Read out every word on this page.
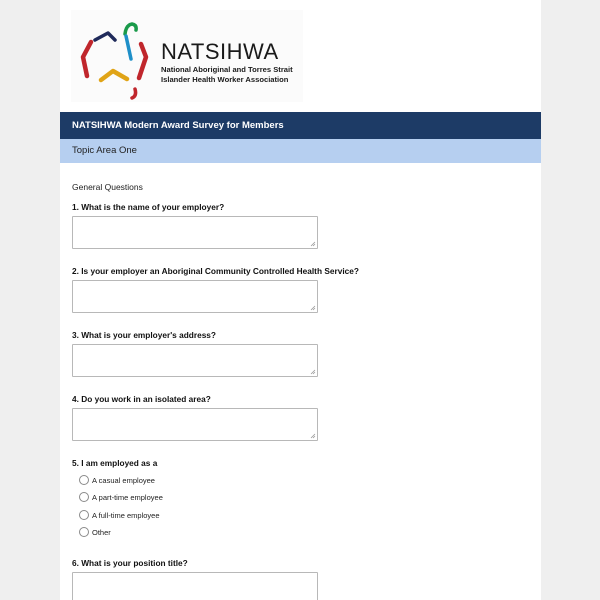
NATSIHWA
National Aboriginal and Torres Strait Islander Health Worker Association
NATSIHWA Modern Award Survey for Members
Topic Area One
General Questions
1. What is the name of your employer?
2. Is your employer an Aboriginal Community Controlled Health Service?
3. What is your employer's address?
4. Do you work in an isolated area?
5. I am employed as a
A casual employee
A part-time employee
A full-time employee
Other
6. What is your position title?
